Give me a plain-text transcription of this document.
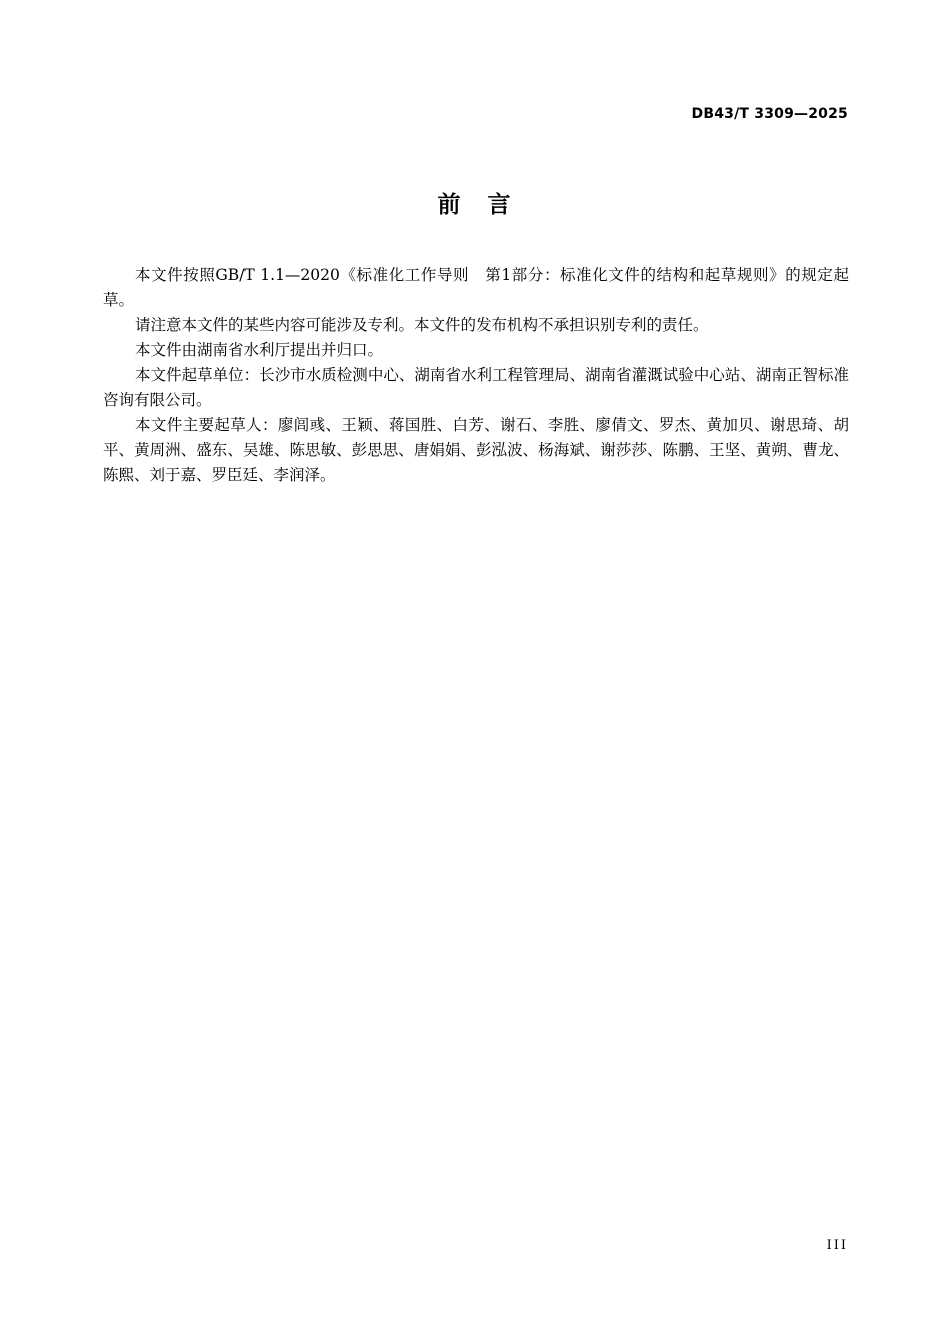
DB43/T 3309—2025
前　言

本文件按照GB/T 1.1—2020《标准化工作导则　第1部分：标准化文件的结构和起草规则》的规定起草。

请注意本文件的某些内容可能涉及专利。本文件的发布机构不承担识别专利的责任。

本文件由湖南省水利厅提出并归口。

本文件起草单位：长沙市水质检测中心、湖南省水利工程管理局、湖南省灌溉试验中心站、湖南正智标准咨询有限公司。

本文件主要起草人：廖闾彧、王颖、蒋国胜、白芳、谢石、李胜、廖倩文、罗杰、黄加贝、谢思琦、胡平、黄周洲、盛东、吴雄、陈思敏、彭思思、唐娟娟、彭泓波、杨海斌、谢莎莎、陈鹏、王坚、黄朔、曹龙、陈熙、刘于嘉、罗臣廷、李润泽。

III
